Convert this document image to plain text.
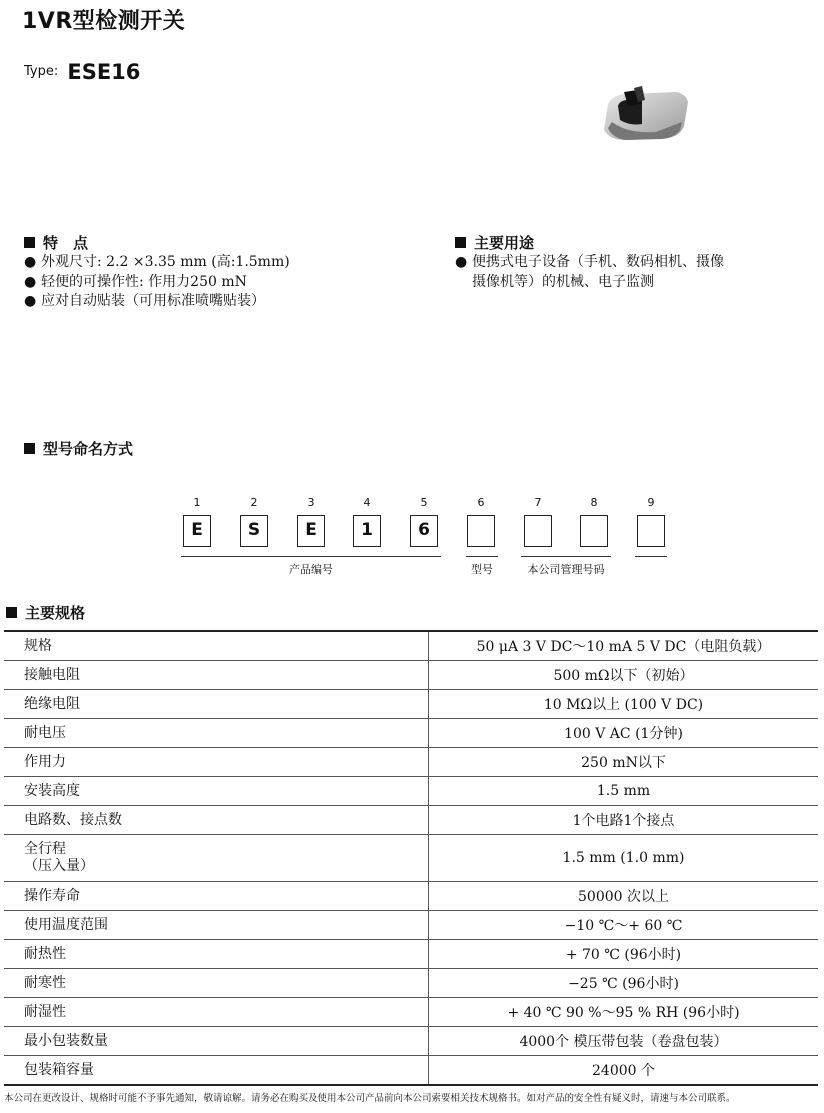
1VR型检测开关
$^{Type:}$ ESE16
特　点
● 外观尺寸: 2.2 ×3.35 mm (高:1.5mm)
● 轻便的可操作性: 作用力250 mN
● 应对自动贴装（可用标准喷嘴贴装）
主要用途
● 便携式电子设备（手机、数码相机、摄像
摄像机等）的机械、电子监测
型号命名方式
1	2	3	4	5	6	7	8	9
E	S	E	1	6
产品编号	型号	本公司管理号码
主要规格
规格	50 μA 3 V DC～10 mA 5 V DC（电阻负载）
接触电阻	500 mΩ以下（初始）
绝缘电阻	10 MΩ以上 (100 V DC)
耐电压	100 V AC (1分钟)
作用力	250 mN以下
安装高度	1.5 mm
电路数、接点数	1个电路1个接点

全行程
（压入量）	1.5 mm (1.0 mm)
操作寿命	50000 次以上
使用温度范围	−10 ℃～+ 60 ℃
耐热性	+ 70 ℃ (96小时)
耐寒性	−25 ℃ (96小时)
耐湿性	+ 40 ℃ 90 %～95 % RH (96小时)
最小包装数量	4000个 模压带包装（卷盘包装）
包装箱容量	24000 个
本公司在更改设计、规格时可能不予事先通知，敬请谅解。请务必在购买及使用本公司产品前向本公司索要相关技术规格书。如对产品的安全性有疑义时，请速与本公司联系。
